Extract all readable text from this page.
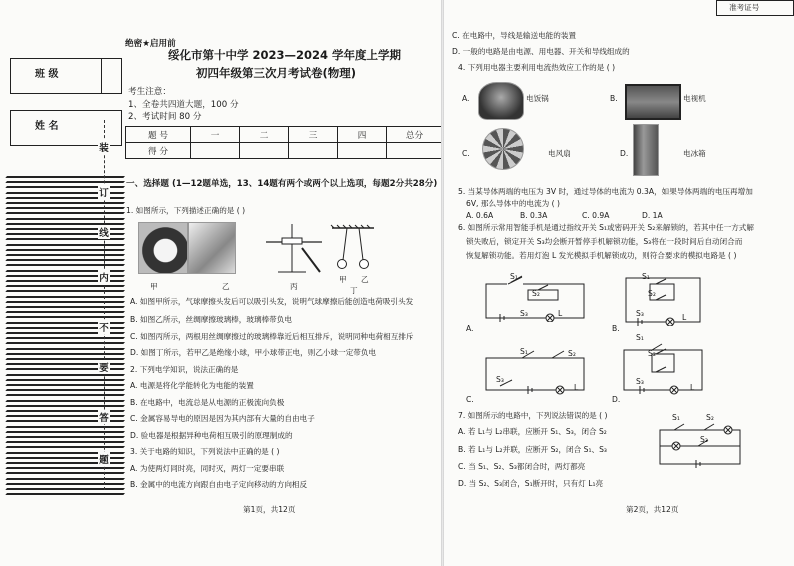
准考证号
班 级
姓 名
装
订
线
内
不
要
答
题
绝密★启用前
绥化市第十中学 2023—2024 学年度上学期
初四年级第三次月考试卷(物理)
考生注意：
1、全卷共四道大题，100 分
2、考试时间 80 分
题 号	一	二	三	四	总分
得 分					
一、选择题 (1—12题单选，13、14题有两个或两个以上选项，每题2分共28分)
1. 如图所示，下列描述正确的是 ( )
甲	乙	丙
甲 乙
丁
A. 如图甲所示，气球摩擦头发后可以吸引头发，说明气球摩擦后能创造电荷吸引头发
B. 如图乙所示，丝绸摩擦玻璃棒，玻璃棒带负电
C. 如图丙所示，两根用丝绸摩擦过的玻璃棒靠近后相互排斥，说明同种电荷相互排斥
D. 如图丁所示，若甲乙是绝缘小球，甲小球带正电，则乙小球一定带负电
2. 下列电学知识，说法正确的是
A. 电源是将化学能转化为电能的装置
B. 在电路中，电流总是从电源的正极流向负极
C. 金属容易导电的原因是因为其内部有大量的自由电子
D. 验电器是根据异种电荷相互吸引的原理制成的
3. 关于电路的知识，下列说法中正确的是 ( )
A. 为使两灯同时亮，同时灭，两灯一定要串联
B. 金属中的电流方向跟自由电子定向移动的方向相反
第1页，共12页
C. 在电路中，导线是输送电能的装置
D. 一般的电路是由电源、用电器、开关和导线组成的
4. 下列用电器主要利用电流热效应工作的是 ( )
A.	电饭锅	B.	电视机
C.	电风扇	D.	电冰箱
5. 当某导体两端的电压为 3V 时，通过导体的电流为 0.3A，如果导体两端的电压再增加
6V, 那么导体中的电流为 ( )
A. 0.6A	B. 0.3A	C. 0.9A	D. 1A
6. 如图所示常用智能手机是通过指纹开关 S₁或密码开关 S₂来解锁的，若其中任一方式解
锁失败后，锁定开关 S₃均会断开暂停手机解锁功能，S₃将在一段时间后自动闭合而
恢复解锁功能。若用灯泡 L 发光模拟手机解锁成功，则符合要求的模拟电路是 ( )
S₁
S₂
S₃	L
A.
S₁
S₂
S₃	L
B.
S₁	S₂
S₃
L
C.
S₁
S₂
S₃
L
D.
7. 如图所示的电路中，下列说法错误的是 ( )
A. 若 L₁与 L₂串联，应断开 S₁、S₃，闭合 S₂
B. 若 L₁与 L₂并联，应断开 S₂，闭合 S₁、S₃
C. 当 S₁、S₂、S₃都闭合时，两灯都亮
D. 当 S₂、S₃闭合，S₁断开时，只有灯 L₁亮
S₁	S₂
S₃
第2页，共12页
